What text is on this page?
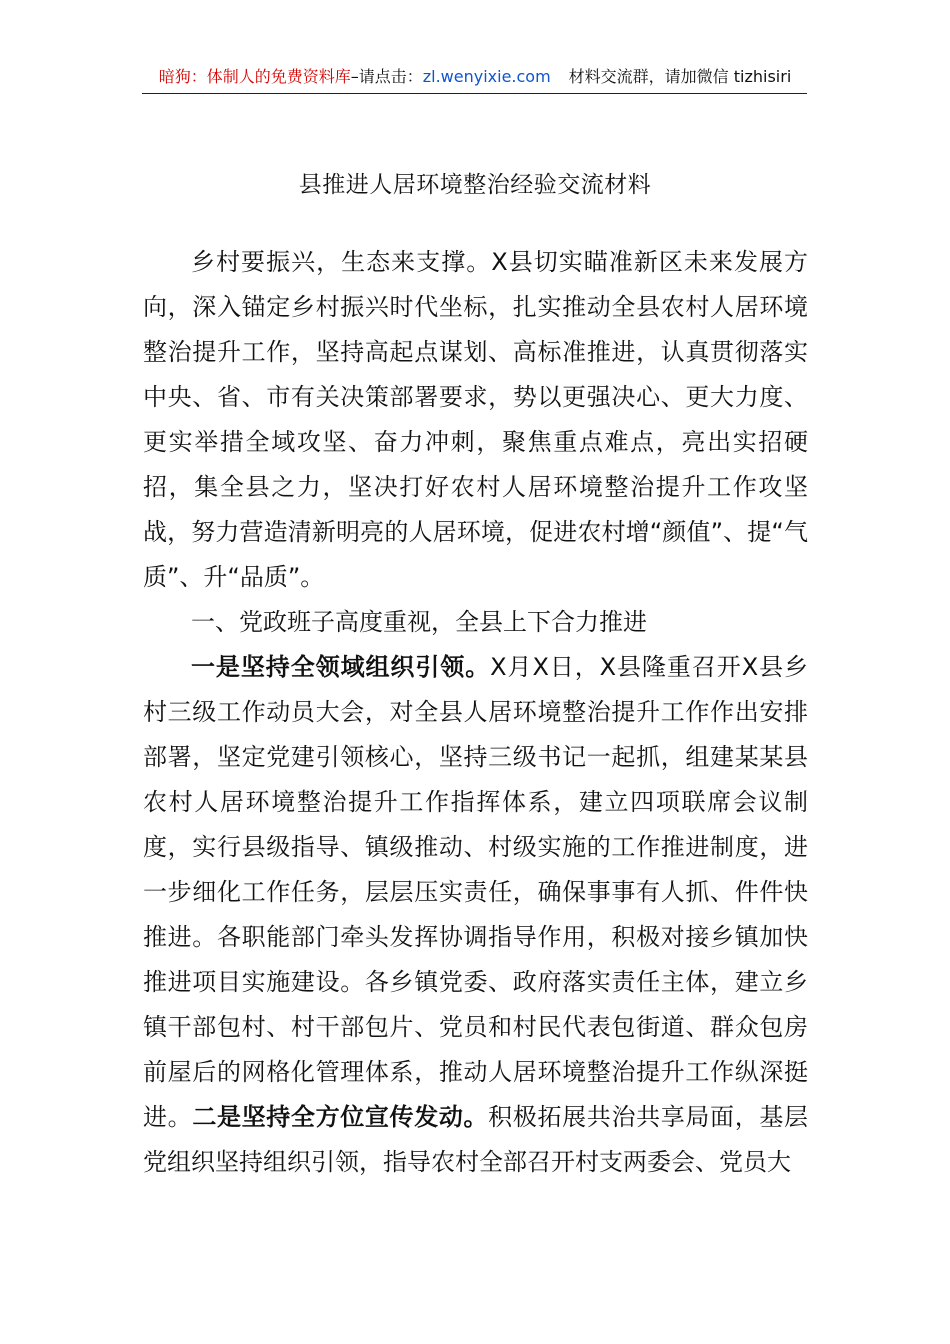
暗狗：体制人的免费资料库–请点击：zl.wenyixie.com 材料交流群，请加微信 tizhisiri
县推进人居环境整治经验交流材料

乡村要振兴，生态来支撑。X县切实瞄准新区未来发展方向，深入锚定乡村振兴时代坐标，扎实推动全县农村人居环境整治提升工作，坚持高起点谋划、高标准推进，认真贯彻落实中央、省、市有关决策部署要求，势以更强决心、更大力度、更实举措全域攻坚、奋力冲刺，聚焦重点难点，亮出实招硬招，集全县之力，坚决打好农村人居环境整治提升工作攻坚战，努力营造清新明亮的人居环境，促进农村增“颜值”、提“气质”、升“品质”。

一、党政班子高度重视，全县上下合力推进

一是坚持全领域组织引领。X月X日，X县隆重召开X县乡村三级工作动员大会，对全县人居环境整治提升工作作出安排部署，坚定党建引领核心，坚持三级书记一起抓，组建某某县农村人居环境整治提升工作指挥体系，建立四项联席会议制度，实行县级指导、镇级推动、村级实施的工作推进制度，进一步细化工作任务，层层压实责任，确保事事有人抓、件件快推进。各职能部门牵头发挥协调指导作用，积极对接乡镇加快推进项目实施建设。各乡镇党委、政府落实责任主体，建立乡镇干部包村、村干部包片、党员和村民代表包街道、群众包房前屋后的网格化管理体系，推动人居环境整治提升工作纵深挺进。二是坚持全方位宣传发动。积极拓展共治共享局面，基层党组织坚持组织引领，指导农村全部召开村支两委会、党员大
